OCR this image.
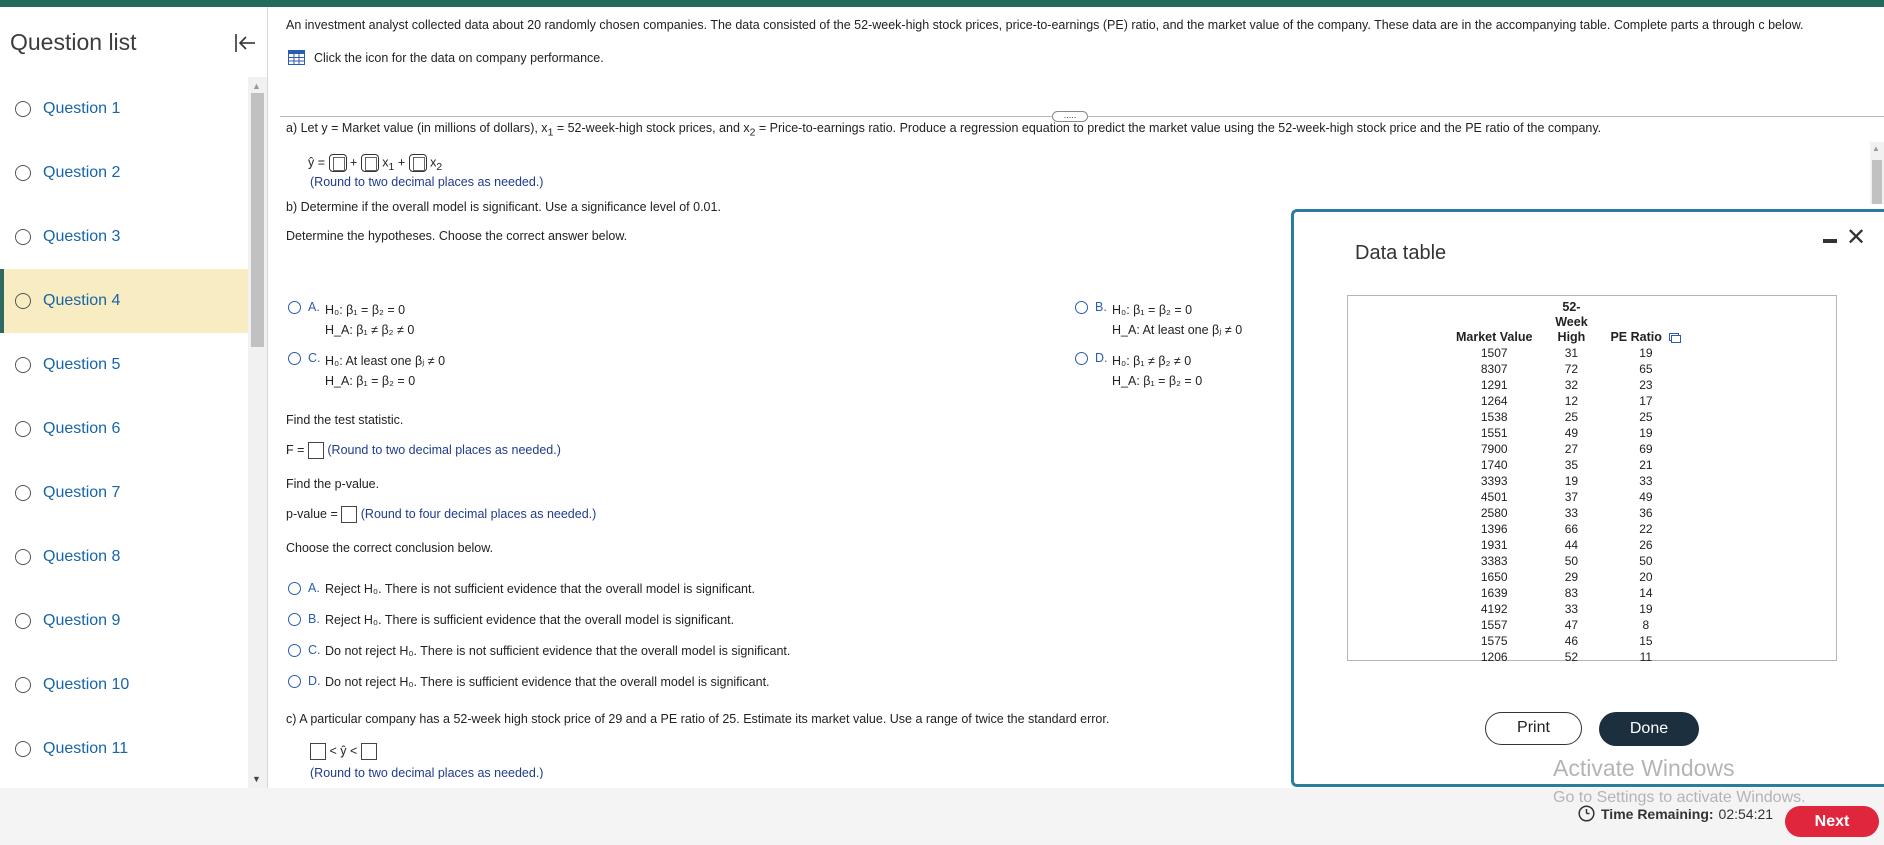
Question list
Question 1
Question 2
Question 3
Question 4
Question 5
Question 6
Question 7
Question 8
Question 9
Question 10
Question 11
▲
▼
An investment analyst collected data about 20 randomly chosen companies. The data consisted of the 52-week-high stock prices, price-to-earnings (PE) ratio, and the market value of the company. These data are in the accompanying table. Complete parts a through c below.
Click the icon for the data on company performance.
.....
a) Let y = Market value (in millions of dollars), $x_1$ = 52-week-high stock prices, and $x_2$ = Price-to-earnings ratio. Produce a regression equation to predict the market value using the 52-week-high stock price and the PE ratio of the company.
ŷ = + $x_1 + x_2$
(Round to two decimal places as needed.)
b) Determine if the overall model is significant. Use a significance level of 0.01.
Determine the hypotheses. Choose the correct answer below.
A. H₀: β₁ = β₂ = 0
H_A: β₁ ≠ β₂ ≠ 0
B. H₀: β₁ = β₂ = 0
H_A: At least one βⱼ ≠ 0
C. H₀: At least one βⱼ ≠ 0
H_A: β₁ = β₂ = 0
D. H₀: β₁ ≠ β₂ ≠ 0
H_A: β₁ = β₂ = 0
Find the test statistic.
F = (Round to two decimal places as needed.)
Find the p-value.
p-value = (Round to four decimal places as needed.)
Choose the correct conclusion below.
A. Reject H₀. There is not sufficient evidence that the overall model is significant.
B. Reject H₀. There is sufficient evidence that the overall model is significant.
C. Do not reject H₀. There is not sufficient evidence that the overall model is significant.
D. Do not reject H₀. There is sufficient evidence that the overall model is significant.
c) A particular company has a 52-week high stock price of 29 and a PE ratio of 25. Estimate its market value. Use a range of twice the standard error.
< ŷ <
(Round to two decimal places as needed.)
▲
Data table
✕
Market Value	52-Week High	PE Ratio
1507	31	19
8307	72	65
1291	32	23
1264	12	17
1538	25	25
1551	49	19
7900	27	69
1740	35	21
3393	19	33
4501	37	49
2580	33	36
1396	66	22
1931	44	26
3383	50	50
1650	29	20
1639	83	14
4192	33	19
1557	47	8
1575	46	15
1206	52	11
Print	Done
Activate Windows
Go to Settings to activate Windows.
Time Remaining: 02:54:21	Next
